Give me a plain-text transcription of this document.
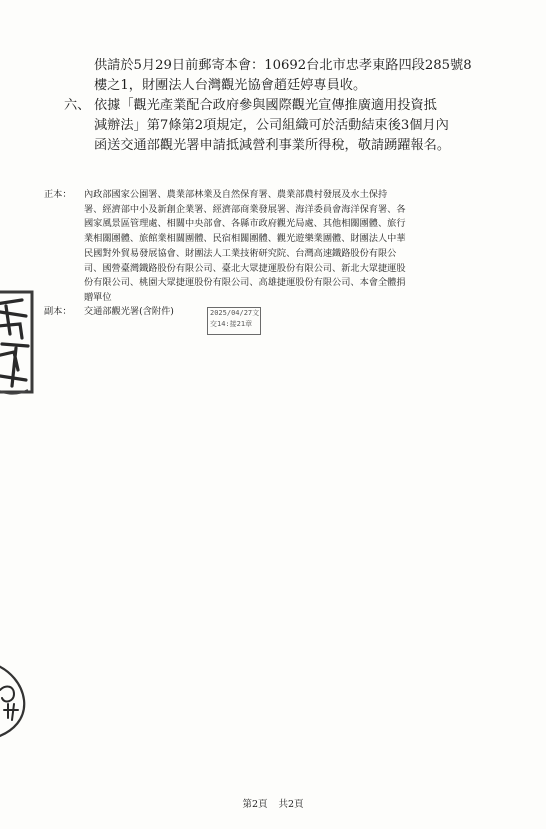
供請於5月29日前郵寄本會：10692台北市忠孝東路四段285號8
樓之1，財團法人台灣觀光協會趙廷婷專員收。
六、 依據「觀光產業配合政府參與國際觀光宣傳推廣適用投資抵
減辦法」第7條第2項規定，公司組織可於活動結束後3個月內
函送交通部觀光署申請抵減營利事業所得稅，敬請踴躍報名。
正本： 內政部國家公園署、農業部林業及自然保育署、農業部農村發展及水土保持
署、經濟部中小及新創企業署、經濟部商業發展署、海洋委員會海洋保育署、各
國家風景區管理處、相關中央部會、各縣市政府觀光局處、其他相關團體、旅行
業相關團體、旅館業相關團體、民宿相關團體、觀光遊樂業團體、財團法人中華
民國對外貿易發展協會、財團法人工業技術研究院、台灣高速鐵路股份有限公
司、國營臺灣鐵路股份有限公司、臺北大眾捷運股份有限公司、新北大眾捷運股
份有限公司、桃園大眾捷運股份有限公司、高雄捷運股份有限公司、本會全體捐
贈單位
副本： 交通部觀光署(含附件)	2025/04/27文
交14:接21章
第2頁 共2頁
